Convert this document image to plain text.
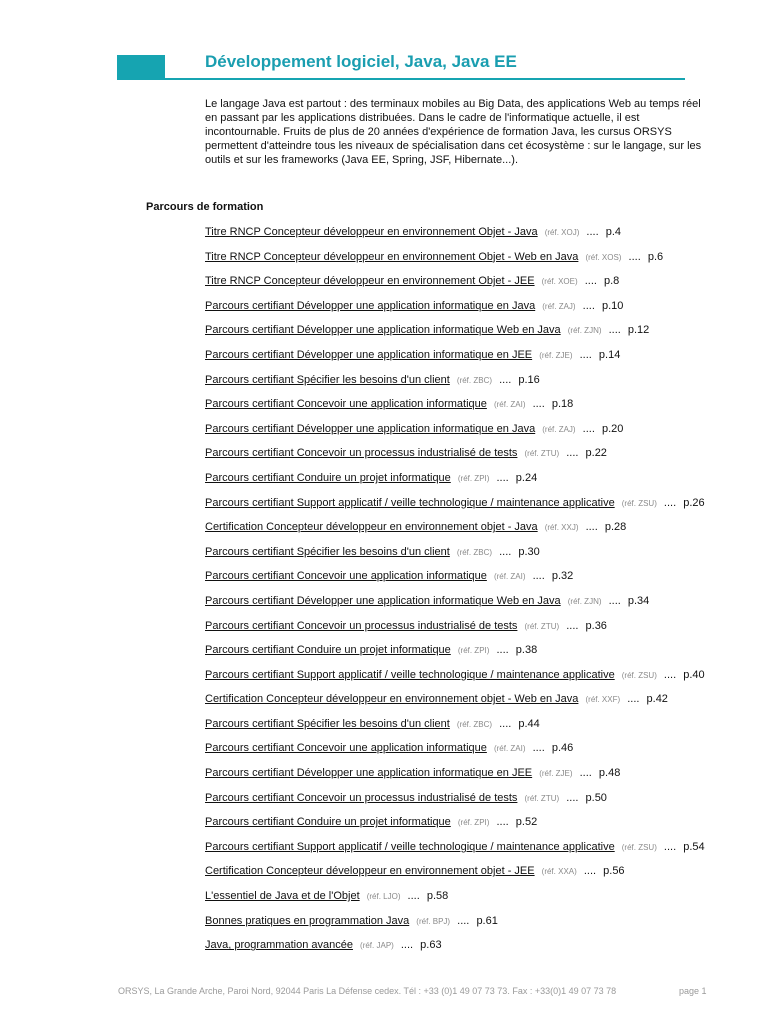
Développement logiciel, Java, Java EE

Le langage Java est partout : des terminaux mobiles au Big Data, des applications Web au temps réel en passant par les applications distribuées. Dans le cadre de l'informatique actuelle, il est incontournable. Fruits de plus de 20 années d'expérience de formation Java, les cursus ORSYS permettent d'atteindre tous les niveaux de spécialisation dans cet écosystème : sur le langage, sur les outils et sur les frameworks (Java EE, Spring, JSF, Hibernate...).

Parcours de formation
Titre RNCP Concepteur développeur en environnement Objet - Java (réf. XOJ) .... p.4
Titre RNCP Concepteur développeur en environnement Objet - Web en Java (réf. XOS) .... p.6
Titre RNCP Concepteur développeur en environnement Objet - JEE (réf. XOE) .... p.8
Parcours certifiant Développer une application informatique en Java (réf. ZAJ) .... p.10
Parcours certifiant Développer une application informatique Web en Java (réf. ZJN) .... p.12
Parcours certifiant Développer une application informatique en JEE (réf. ZJE) .... p.14
Parcours certifiant Spécifier les besoins d'un client (réf. ZBC) .... p.16
Parcours certifiant Concevoir une application informatique (réf. ZAI) .... p.18
Parcours certifiant Développer une application informatique en Java (réf. ZAJ) .... p.20
Parcours certifiant Concevoir un processus industrialisé de tests (réf. ZTU) .... p.22
Parcours certifiant Conduire un projet informatique (réf. ZPI) .... p.24
Parcours certifiant Support applicatif / veille technologique / maintenance applicative (réf. ZSU) .... p.26
Certification Concepteur développeur en environnement objet - Java (réf. XXJ) .... p.28
Parcours certifiant Spécifier les besoins d'un client (réf. ZBC) .... p.30
Parcours certifiant Concevoir une application informatique (réf. ZAI) .... p.32
Parcours certifiant Développer une application informatique Web en Java (réf. ZJN) .... p.34
Parcours certifiant Concevoir un processus industrialisé de tests (réf. ZTU) .... p.36
Parcours certifiant Conduire un projet informatique (réf. ZPI) .... p.38
Parcours certifiant Support applicatif / veille technologique / maintenance applicative (réf. ZSU) .... p.40
Certification Concepteur développeur en environnement objet - Web en Java (réf. XXF) .... p.42
Parcours certifiant Spécifier les besoins d'un client (réf. ZBC) .... p.44
Parcours certifiant Concevoir une application informatique (réf. ZAI) .... p.46
Parcours certifiant Développer une application informatique en JEE (réf. ZJE) .... p.48
Parcours certifiant Concevoir un processus industrialisé de tests (réf. ZTU) .... p.50
Parcours certifiant Conduire un projet informatique (réf. ZPI) .... p.52
Parcours certifiant Support applicatif / veille technologique / maintenance applicative (réf. ZSU) .... p.54
Certification Concepteur développeur en environnement objet - JEE (réf. XXA) .... p.56
L'essentiel de Java et de l'Objet (réf. LJO) .... p.58
Bonnes pratiques en programmation Java (réf. BPJ) .... p.61
Java, programmation avancée (réf. JAP) .... p.63

ORSYS, La Grande Arche, Paroi Nord, 92044 Paris La Défense cedex. Tél : +33 (0)1 49 07 73 73. Fax : +33(0)1 49 07 73 78	page 1
